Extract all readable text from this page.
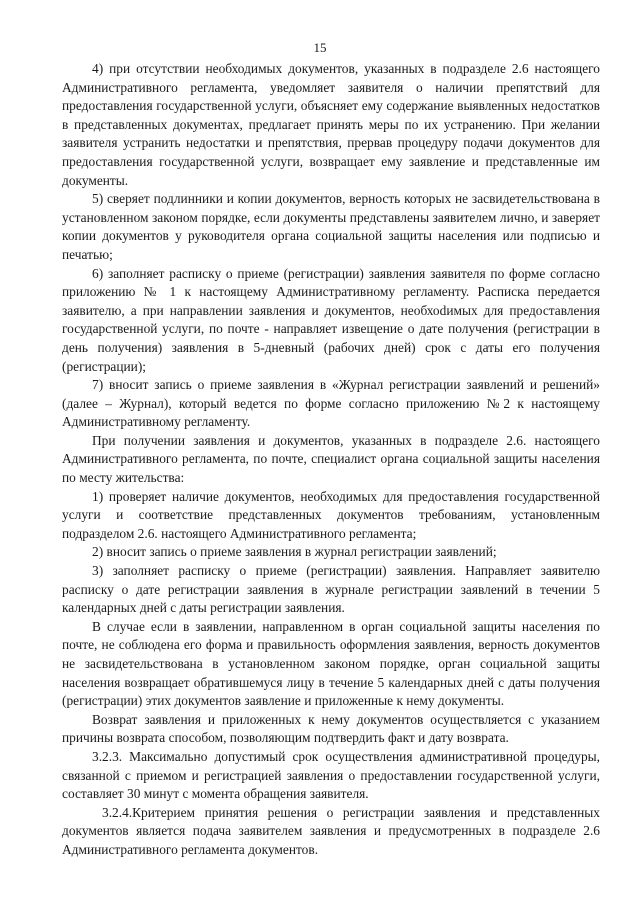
15

4) при отсутствии необходимых документов, указанных в подразделе 2.6 настоящего Административного регламента, уведомляет заявителя о наличии препятствий для предоставления государственной услуги, объясняет ему содержание выявленных недостатков в представленных документах, предлагает принять меры по их устранению. При желании заявителя устранить недостатки и препятствия, прервав процедуру подачи документов для предоставления государственной услуги, возвращает ему заявление и представленные им документы.

5) сверяет подлинники и копии документов, верность которых не засвидетельствована в установленном законом порядке, если документы представлены заявителем лично, и заверяет копии документов у руководителя органа социальной защиты населения или подписью и печатью;

6) заполняет расписку о приеме (регистрации) заявления заявителя по форме согласно приложению № 1 к настоящему Административному регламенту. Расписка передается заявителю, а при направлении заявления и документов, необхоdимых для предоставления государственной услуги, по почте - направляет извещение о дате получения (регистрации в день получения) заявления в 5-дневный (рабочих дней) срок с даты его получения (регистрации);

7) вносит запись о приеме заявления в «Журнал регистрации заявлений и решений» (далее – Журнал), который ведется по форме согласно приложению №2 к настоящему Административному регламенту.

При получении заявления и документов, указанных в подразделе 2.6. настоящего Административного регламента, по почте, специалист органа социальной защиты населения по месту жительства:

1) проверяет наличие документов, необходимых для предоставления государственной услуги и соответствие представленных документов требованиям, установленным подразделом 2.6. настоящего Административного регламента;

2) вносит запись о приеме заявления в журнал регистрации заявлений;

3) заполняет расписку о приеме (регистрации) заявления. Направляет заявителю расписку о дате регистрации заявления в журнале регистрации заявлений в течении 5 календарных дней с даты регистрации заявления.

В случае если в заявлении, направленном в орган социальной защиты населения по почте, не соблюдена его форма и правильность оформления заявления, верность документов не засвидетельствована в установленном законом порядке, орган социальной защиты населения возвращает обратившемуся лицу в течение 5 календарных дней с даты получения (регистрации) этих документов заявление и приложенные к нему документы.

Возврат заявления и приложенных к нему документов осуществляется с указанием причины возврата способом, позволяющим подтвердить факт и дату возврата.

3.2.3. Максимально допустимый срок осуществления административной процедуры, связанной с приемом и регистрацией заявления о предоставлении государственной услуги, составляет 30 минут с момента обращения заявителя.

3.2.4.Критерием принятия решения о регистрации заявления и представленных документов является подача заявителем заявления и предусмотренных в подразделе 2.6 Административного регламента документов.
